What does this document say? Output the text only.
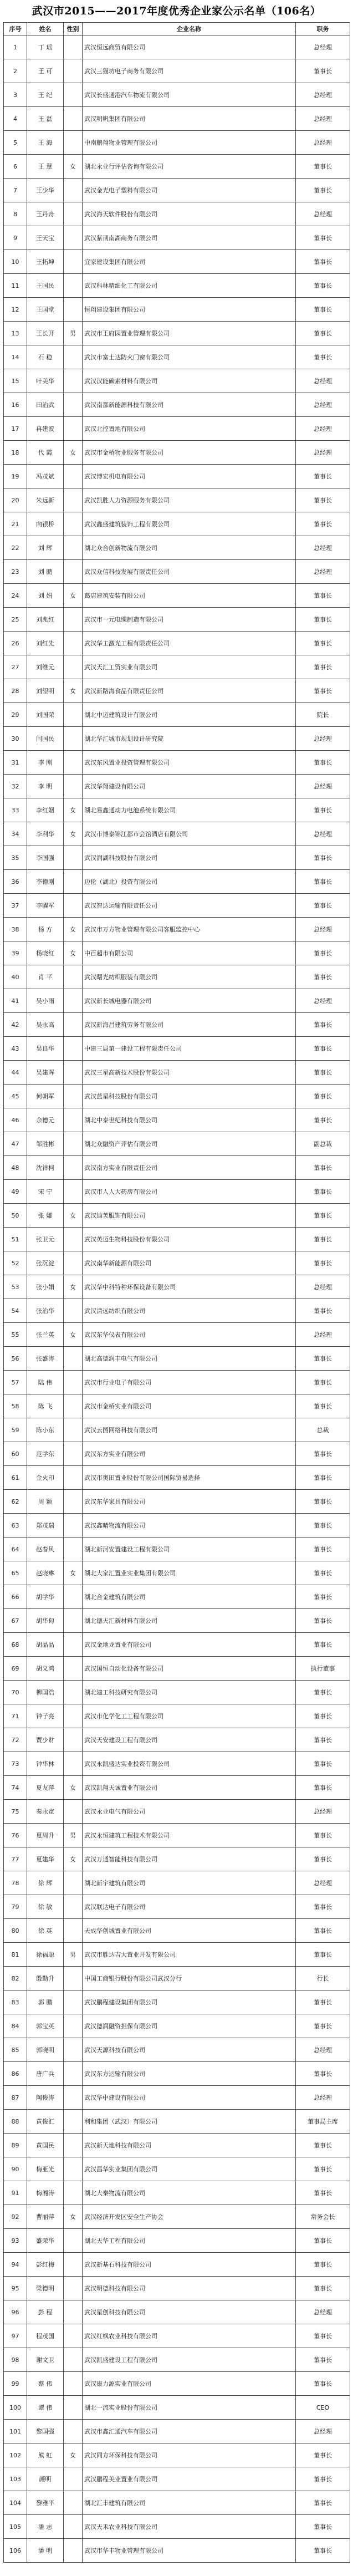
武汉市2015——2017年度优秀企业家公示名单（106名）
序号	姓名	性别	企业名称	职务
1	丁 瑶		武汉恒远商贸有限公司	总经理
2	王 可		武汉三猫坊电子商务有限公司	董事长
3	王 纪		武汉长盛通港汽车物流有限公司	总经理
4	王 磊		武汉明帆集团有限公司	总经理
5	王 海		中南鹏翔物业管理有限公司	总经理
6	王 慧	女	湖北永业行评估咨询有限公司	董事长
7	王少华		武汉金光电子塑料有限公司	董事长
8	王丹舟		武汉海天软件股份有限公司	总经理
9	王天宝		武汉紫荆南湖商务有限公司	董事长
10	王拓坤		宜家建设集团有限公司	董事长
11	王国民		武汉科林精细化工有限公司	董事长
12	王国堂		恒翔建设集团有限公司	董事长
13	王长开	男	武汉市王府园置业管理有限公司	董事长
14	石 稳		武汉市富士达防火门窗有限公司	董事长
15	叶美华		武汉汉能碳素材料有限公司	总经理
16	田治武		武汉南都新能源科技有限公司	总经理
17	冉建波		武汉北控置地有限公司	总经理
18	代 霞	女	武汉市金桥物业服务有限公司	总经理
19	冯茂斌		武汉博宏机电有限公司	董事长
20	朱远新		武汉凯胜人力资源服务有限公司	董事长
21	向银桥		武汉鑫盛建筑装饰工程有限公司	董事长
22	刘 辉		湖北众合创新物流有限公司	总经理
23	刘 鹏		武汉众信科技发展有限责任公司	总经理
24	刘 娟	女	葛店建筑安装有限公司	董事长
25	刘兆红		武汉市一元电缆制造有限公司	董事长
26	刘红先		武汉华工激光工程有限责任公司	董事长
27	刘维元		武汉天汇工贸实业有限公司	董事长
28	刘望明	女	武汉新路海食品有限责任公司	董事长
29	刘国荣		湖北中迈建筑设计有限公司	院长
30	闫国民		湖北华汇城市规划设计研究院	总经理
31	李 刚		武汉东风置业投资管理有限公司	董事长
32	李 明		武汉华翔建设有限公司	总经理
33	李红姻	女	湖北易鑫通动力电池系统有限公司	董事长
34	李利华	女	武汉市博泰锦江都市会馆酒店有限公司	总经理
35	李国强		武汉润湖科技股份有限公司	董事长
36	李德刚		迈伦（湖北）投资有限公司	董事长
37	李曜军		武汉智达运输有限责任公司	董事长
38	杨 方	女	武汉市万方物业管理有限公司客服监控中心	总经理
39	杨晓红	女	中百超市有限公司	董事长
40	肖 平		武汉曙光纺织服装有限公司	董事长
41	吴小雨		武汉新长城电器有限公司	总经理
42	吴永高		武汉新海昌建筑劳务有限公司	董事长
43	吴良华		中建三局第一建设工程有限责任公司	董事长
44	吴建晖		武汉三星高新技术股份有限公司	董事长
45	何朝军		武汉蓝星科技股份有限公司	董事长
46	余德元		湖北中泰世纪科技有限公司	董事长
47	邹胜彬		湖北众融资产评估有限公司	副总裁
48	沈祥柯		武汉南方实业有限责任公司	董事长
49	宋 宁		武汉市人人大药房有限公司	董事长
50	张 娜	女	武汉迪芙服饰有限公司	董事长
51	张卫元		武汉英迈生物科技股份有限公司	董事长
52	张沉淀		武汉南华新能源有限公司	董事长
53	张小娟	女	武汉华中科特种环保设备有限公司	总经理
54	张治华		武汉清远纺织有限公司	董事长
55	张兰英	女	武汉东华仪表有限公司	总经理
56	张盛涛		湖北高德润丰电气有限公司	董事长
57	陆 伟		武汉市行业电子有限公司	董事长
58	陈 飞		武汉市金桥实业有限公司	董事长
59	陈小东		武汉云图网络科技有限公司	总裁
60	范学东		武汉东方实业有限公司	董事长
61	金火印		武汉市奥田置业股份有限公司国际贸易选择	董事长
62	周 颖		武汉东华家具有限公司	董事长
63	郑茂瑞		武汉鑫晴物流有限公司	董事长
64	赵春风		湖北新河安置建设工程有限公司	董事长
65	赵晓琳	女	湖北大家汇置业实业集团有限公司	董事长
66	胡学华		湖北合金建筑有限公司	董事长
67	胡华甸		湖北德天汇新材料有限公司	董事长
68	胡晶晶		武汉金地龙置业有限公司	董事长
69	胡义鸿		武汉国恒自动化设备有限公司	执行董事
70	柳国浩		湖北建工科技研究有限公司	董事长
71	钟子亮		武汉市化学化工工程有限公司	董事长
72	贾少财		武汉天安建设工程有限公司	董事长
73	钟华林		武汉永凯盛达实业投资有限公司	董事长
74	夏友萍	女	武汉凯翔天诚置业有限公司	董事长
75	秦永宽		武汉永业电气有限公司	总经理
76	夏周升	男	武汉永恒建筑工程技术有限公司	董事长
77	夏建华	女	武汉万通智能科技有限公司	董事长
78	徐 辉		湖北新宇建筑有限公司	总经理
79	徐 敏		武汉联达电子有限公司	董事长
80	徐 英		天成华创城置业有限公司	董事长
81	徐福聪	男	武汉市胜达吉大置业开发有限公司	董事长
82	殷勤升		中国工商银行股份有限公司武汉分行	行长
83	郭 鹏		武汉鹏程建设集团有限公司	董事长
84	郭宝英		武汉德润融资担保有限公司	董事长
85	郭晓明		武汉天源科技有限公司	总经理
86	唐广兵		武汉东方运输有限公司	董事长
87	陶俊涛		武汉华中建设有限公司	总经理
88	黄俊汇		利和集团（武汉）有限公司	董事局主席
89	黄国民		武汉新天地科技有限公司	董事长
90	梅亚光		武汉昌华实业集团有限公司	董事长
91	梅湘涛		湖北大秦物流有限公司	董事长
92	曹丽萍	女	武汉经济开发区安全生产协会	常务会长
93	盛荣华		湖北天华工程有限公司	董事长
94	彭红梅		武汉新基石科技有限公司	董事长
95	梁德明		武汉明德科技有限公司	董事长
96	彭 程		武汉星创科技有限公司	总经理
97	程茂国		武汉红枫农业科技有限公司	董事长
98	谢文卫		武汉凯盛建设工程有限公司	董事长
99	蔡 伟		武汉康力源实业有限公司	董事长
100	谭 伟		湖北一流实业股份有限公司	CEO
101	黎国强		武汉市鑫汇通汽车有限公司	总经理
102	熊 虹	女	武汉同方环保科技有限公司	董事长
103	颜明		武汉鹏程美业置业有限公司	董事长
104	黎雅平		湖北汇丰建筑有限公司	董事长
105	潘 志		武汉天禾农业科技有限公司	董事长
106	潘 明		武汉市华丰物业管理有限公司	董事长
